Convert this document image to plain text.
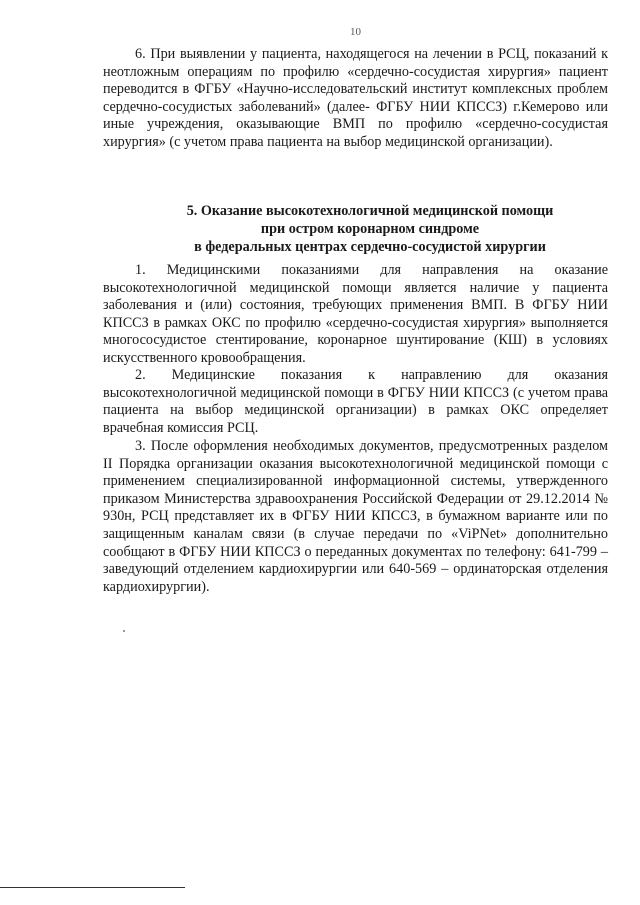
10

6. При выявлении у пациента, находящегося на лечении в РСЦ, показаний к неотложным операциям по профилю «сердечно-сосудистая хирургия» пациент переводится в ФГБУ «Научно-исследовательский институт комплексных проблем сердечно-сосудистых заболеваний» (далее- ФГБУ НИИ КПССЗ) г.Кемерово или иные учреждения, оказывающие ВМП по профилю «сердечно-сосудистая хирургия» (с учетом права пациента на выбор медицинской организации).

5. Оказание высокотехнологичной медицинской помощи
при остром коронарном синдроме
в федеральных центрах сердечно-сосудистой хирургии

1. Медицинскими показаниями для направления на оказание высокотехнологичной медицинской помощи является наличие у пациента заболевания и (или) состояния, требующих применения ВМП. В ФГБУ НИИ КПССЗ в рамках ОКС по профилю «сердечно-сосудистая хирургия» выполняется многососудистое стентирование, коронарное шунтирование (КШ) в условиях искусственного кровообращения.

2. Медицинские показания к направлению для оказания высокотехнологичной медицинской помощи в ФГБУ НИИ КПССЗ (с учетом права пациента на выбор медицинской организации) в рамках ОКС определяет врачебная комиссия РСЦ.

3. После оформления необходимых документов, предусмотренных разделом II Порядка организации оказания высокотехнологичной медицинской помощи с применением специализированной информационной системы, утвержденного приказом Министерства здравоохранения Российской Федерации от 29.12.2014 № 930н, РСЦ представляет их в ФГБУ НИИ КПССЗ, в бумажном варианте или по защищенным каналам связи (в случае передачи по «ViPNet» дополнительно сообщают в ФГБУ НИИ КПССЗ о переданных документах по телефону: 641-799 – заведующий отделением кардиохирургии или 640-569 – ординаторская отделения кардиохирургии).
